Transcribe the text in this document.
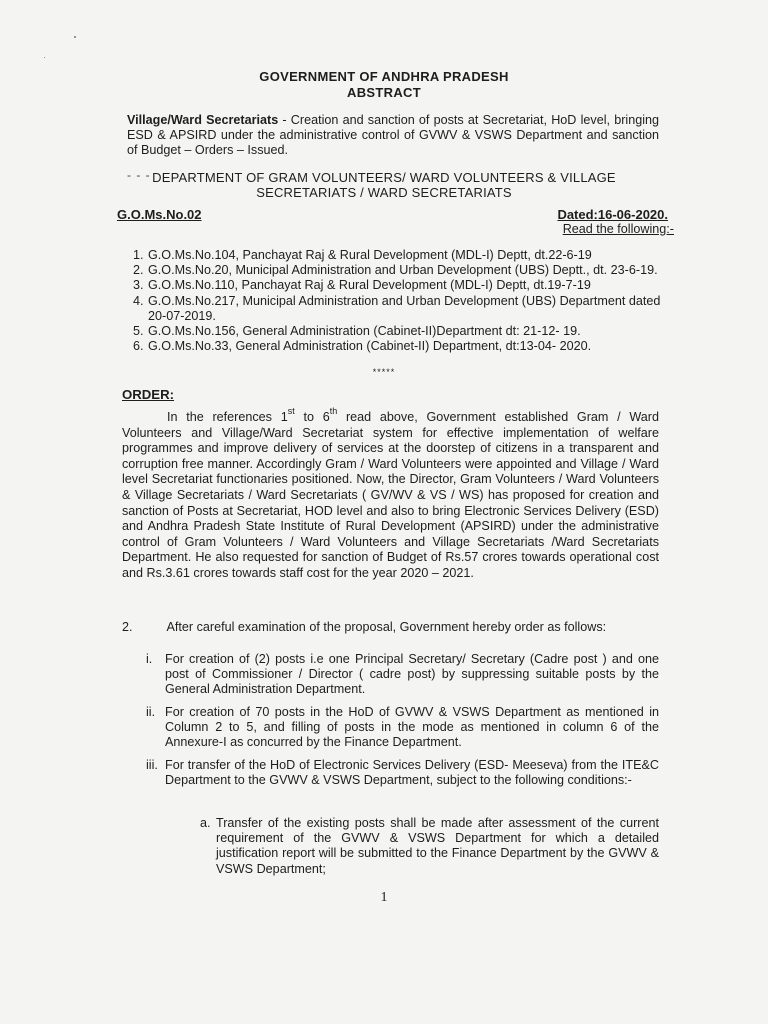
GOVERNMENT OF ANDHRA PRADESH
ABSTRACT
Village/Ward Secretariats - Creation and sanction of posts at Secretariat, HoD level, bringing ESD & APSIRD under the administrative control of GVWV & VSWS Department and sanction of Budget – Orders – Issued.
- - - DEPARTMENT OF GRAM VOLUNTEERS/ WARD VOLUNTEERS & VILLAGE
SECRETARIATS / WARD SECRETARIATS
G.O.Ms.No.02	Dated:16-06-2020.
Read the following:-
1. G.O.Ms.No.104, Panchayat Raj & Rural Development (MDL-I) Deptt, dt.22-6-19
2. G.O.Ms.No.20, Municipal Administration and Urban Development (UBS) Deptt., dt. 23-6-19.
3. G.O.Ms.No.110, Panchayat Raj & Rural Development (MDL-I) Deptt, dt.19-7-19
4. G.O.Ms.No.217, Municipal Administration and Urban Development (UBS) Department dated 20-07-2019.
5. G.O.Ms.No.156, General Administration (Cabinet-II)Department dt: 21-12- 19.
6. G.O.Ms.No.33, General Administration (Cabinet-II) Department, dt:13-04- 2020.
*****
ORDER:
In the references 1st to 6th read above, Government established Gram / Ward Volunteers and Village/Ward Secretariat system for effective implementation of welfare programmes and improve delivery of services at the doorstep of citizens in a transparent and corruption free manner. Accordingly Gram / Ward Volunteers were appointed and Village / Ward level Secretariat functionaries positioned. Now, the Director, Gram Volunteers / Ward Volunteers & Village Secretariats / Ward Secretariats ( GV/WV & VS / WS) has proposed for creation and sanction of Posts at Secretariat, HOD level and also to bring Electronic Services Delivery (ESD) and Andhra Pradesh State Institute of Rural Development (APSIRD) under the administrative control of Gram Volunteers / Ward Volunteers and Village Secretariats /Ward Secretariats Department. He also requested for sanction of Budget of Rs.57 crores towards operational cost and Rs.3.61 crores towards staff cost for the year 2020 – 2021.
2.	After careful examination of the proposal, Government hereby order as follows:
i.	For creation of (2) posts i.e one Principal Secretary/ Secretary (Cadre post ) and one post of Commissioner / Director ( cadre post) by suppressing suitable posts by the General Administration Department.
ii. For creation of 70 posts in the HoD of GVWV & VSWS Department as mentioned in Column 2 to 5, and filling of posts in the mode as mentioned in column 6 of the Annexure-I as concurred by the Finance Department.
iii. For transfer of the HoD of Electronic Services Delivery (ESD- Meeseva) from the ITE&C Department to the GVWV & VSWS Department, subject to the following conditions:-
a. Transfer of the existing posts shall be made after assessment of the current requirement of the GVWV & VSWS Department for which a detailed justification report will be submitted to the Finance Department by the GVWV & VSWS Department;
1
